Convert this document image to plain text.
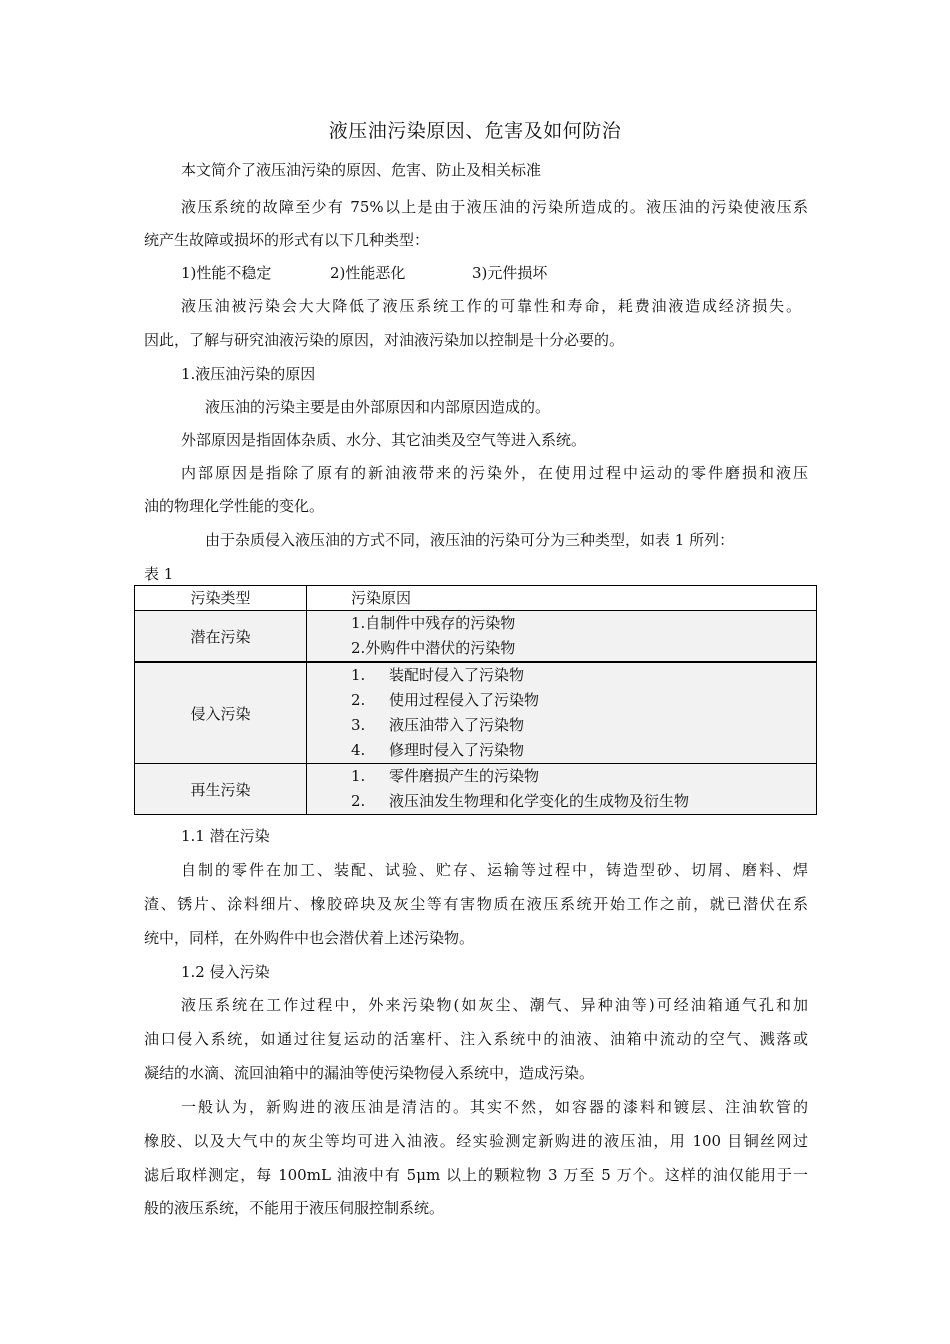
液压油污染原因、危害及如何防治
本文简介了液压油污染的原因、危害、防止及相关标准
液压系统的故障至少有 75%以上是由于液压油的污染所造成的。液压油的污染使液压系
统产生故障或损坏的形式有以下几种类型：
1)性能不稳定	2)性能恶化	3)元件损坏
液压油被污染会大大降低了液压系统工作的可靠性和寿命，耗费油液造成经济损失。
因此，了解与研究油液污染的原因，对油液污染加以控制是十分必要的。
1.液压油污染的原因
液压油的污染主要是由外部原因和内部原因造成的。
外部原因是指固体杂质、水分、其它油类及空气等进入系统。
内部原因是指除了原有的新油液带来的污染外，在使用过程中运动的零件磨损和液压
油的物理化学性能的变化。
由于杂质侵入液压油的方式不同，液压油的污染可分为三种类型，如表 1 所列：
表 1
污染类型	污染原因
潜在污染	1.自制件中残存的污染物
2.外购件中潜伏的污染物

侵入污染	1. 装配时侵入了污染物
2. 使用过程侵入了污染物
3. 液压油带入了污染物
4. 修理时侵入了污染物

再生污染	1. 零件磨损产生的污染物
2. 液压油发生物理和化学变化的生成物及衍生物
1.1 潜在污染
自制的零件在加工、装配、试验、贮存、运输等过程中，铸造型砂、切屑、磨料、焊
渣、锈片、涂料细片、橡胶碎块及灰尘等有害物质在液压系统开始工作之前，就已潜伏在系
统中，同样，在外购件中也会潜伏着上述污染物。
1.2 侵入污染
液压系统在工作过程中，外来污染物(如灰尘、潮气、异种油等)可经油箱通气孔和加
油口侵入系统，如通过往复运动的活塞杆、注入系统中的油液、油箱中流动的空气、溅落或
凝结的水滴、流回油箱中的漏油等使污染物侵入系统中，造成污染。
一般认为，新购进的液压油是清洁的。其实不然，如容器的漆料和镀层、注油软管的
橡胶、以及大气中的灰尘等均可进入油液。经实验测定新购进的液压油，用 100 目铜丝网过
滤后取样测定，每 100mL 油液中有 5μm 以上的颗粒物 3 万至 5 万个。这样的油仅能用于一
般的液压系统，不能用于液压伺服控制系统。
